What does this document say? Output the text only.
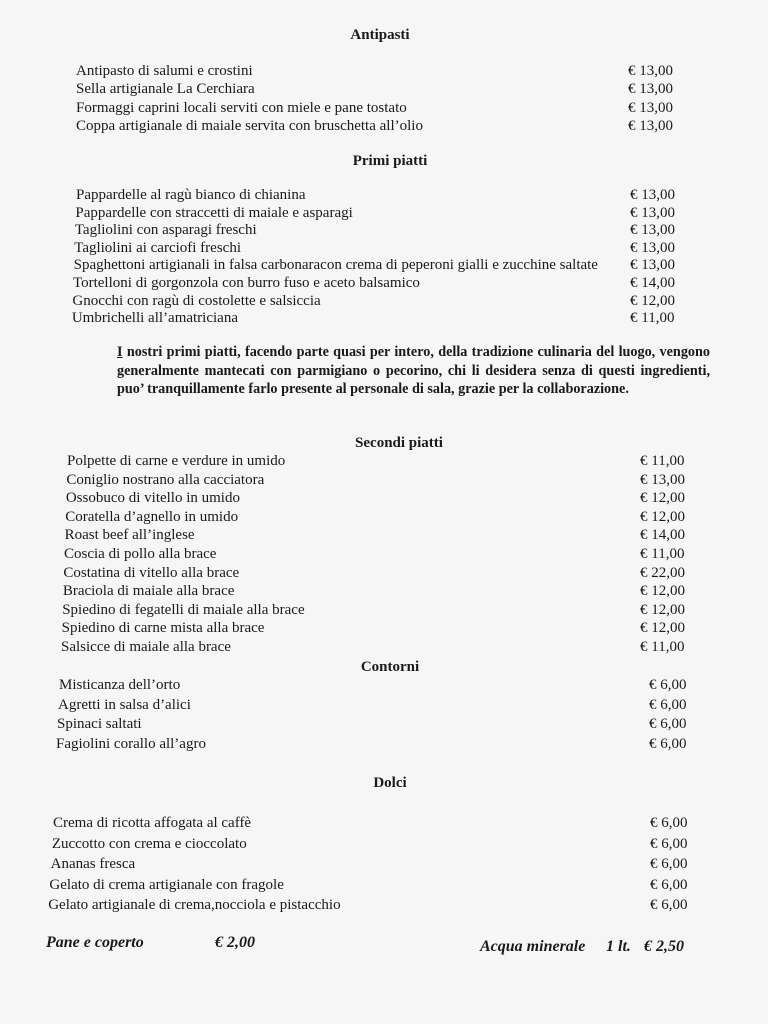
Antipasti
Antipasto di salumi e crostini	€ 13,00
Sella artigianale La Cerchiara	€ 13,00
Formaggi caprini locali serviti con miele e pane tostato	€ 13,00
Coppa artigianale di maiale servita con bruschetta all’olio	€ 13,00
Primi piatti
Pappardelle al ragù bianco di chianina	€ 13,00
Pappardelle con straccetti di maiale e asparagi	€ 13,00
Tagliolini con asparagi freschi	€ 13,00
Tagliolini ai carciofi freschi	€ 13,00
Spaghettoni artigianali in falsa carbonaracon crema di peperoni gialli e zucchine saltate € 13,00
Tortelloni di gorgonzola con burro fuso e aceto balsamico	€ 14,00
Gnocchi con ragù di costolette e salsiccia	€ 12,00
Umbrichelli all’amatriciana	€ 11,00
I nostri primi piatti, facendo parte quasi per intero, della tradizione culinaria del luogo, vengono generalmente mantecati con parmigiano o pecorino, chi li desidera senza di questi ingredienti, puo’ tranquillamente farlo presente al personale di sala, grazie per la collaborazione.
Secondi piatti
Polpette di carne e verdure in umido	€ 11,00
Coniglio nostrano alla cacciatora	€ 13,00
Ossobuco di vitello in umido	€ 12,00
Coratella d’agnello in umido	€ 12,00
Roast beef all’inglese	€ 14,00
Coscia di pollo alla brace	€ 11,00
Costatina di vitello alla brace	€ 22,00
Braciola di maiale alla brace	€ 12,00
Spiedino di fegatelli di maiale alla brace	€ 12,00
Spiedino di carne mista alla brace	€ 12,00
Salsicce di maiale alla brace	€ 11,00
Contorni
Misticanza dell’orto	€ 6,00
Agretti in salsa d’alici	€ 6,00
Spinaci saltati	€ 6,00
Fagiolini corallo all’agro	€ 6,00
Dolci
Crema di ricotta affogata al caffè	€ 6,00
Zuccotto con crema e cioccolato	€ 6,00
Ananas fresca	€ 6,00
Gelato di crema artigianale con fragole	€ 6,00
Gelato artigianale di crema,nocciola e pistacchio	€ 6,00
Pane e coperto	€ 2,00	Acqua minerale 1 lt. € 2,50
